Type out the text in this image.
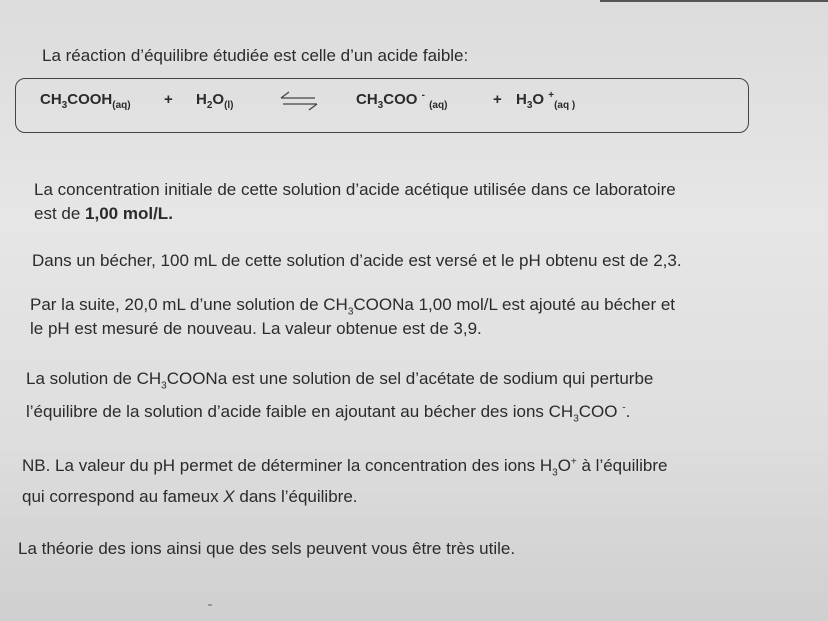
La réaction d’équilibre étudiée est celle d’un acide faible:
$CH_3COOH_{(aq)} + H_2O_{(l)}$	$CH_3COO$ - $_{(aq)}$	+ $H_3O$ +$_{(aq )}$
La concentration initiale de cette solution d’acide acétique utilisée dans ce laboratoire
est de 1,00 mol/L.
Dans un bécher, 100 mL de cette solution d’acide est versé et le pH obtenu est de 2,3.
Par la suite, 20,0 mL d’une solution de $CH_3COONa$ 1,00 mol/L est ajouté au bécher et
le pH est mesuré de nouveau. La valeur obtenue est de 3,9.
La solution de $CH_3COONa$ est une solution de sel d’acétate de sodium qui perturbe
l’équilibre de la solution d’acide faible en ajoutant au bécher des ions $CH_3COO$ -.
NB. La valeur du pH permet de déterminer la concentration des ions $H_3O^+$ à l’équilibre
qui correspond au fameux X dans l’équilibre.
La théorie des ions ainsi que des sels peuvent vous être très utile.
